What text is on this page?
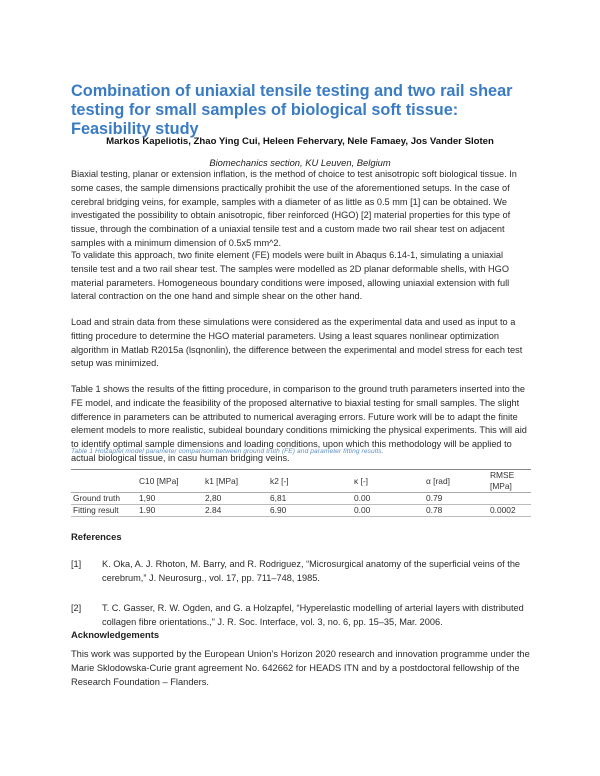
Combination of uniaxial tensile testing and two rail shear testing for small samples of biological soft tissue: Feasibility study

Markos Kapeliotis, Zhao Ying Cui, Heleen Fehervary, Nele Famaey, Jos Vander Sloten

Biomechanics section, KU Leuven, Belgium

Biaxial testing, planar or extension inflation, is the method of choice to test anisotropic soft biological tissue. In some cases, the sample dimensions practically prohibit the use of the aforementioned setups. In the case of cerebral bridging veins, for example, samples with a diameter of as little as 0.5 mm [1] can be obtained. We investigated the possibility to obtain anisotropic, fiber reinforced (HGO) [2] material properties for this type of tissue, through the combination of a uniaxial tensile test and a custom made two rail shear test on adjacent samples with a minimum dimension of 0.5x5 mm^2.

To validate this approach, two finite element (FE) models were built in Abaqus 6.14-1, simulating a uniaxial tensile test and a two rail shear test. The samples were modelled as 2D planar deformable shells, with HGO material parameters. Homogeneous boundary conditions were imposed, allowing uniaxial extension with full lateral contraction on the one hand and simple shear on the other hand.

Load and strain data from these simulations were considered as the experimental data and used as input to a fitting procedure to determine the HGO material parameters. Using a least squares nonlinear optimization algorithm in Matlab R2015a (lsqnonlin), the difference between the experimental and model stress for each test setup was minimized.

Table 1 shows the results of the fitting procedure, in comparison to the ground truth parameters inserted into the FE model, and indicate the feasibility of the proposed alternative to biaxial testing for small samples. The slight difference in parameters can be attributed to numerical averaging errors. Future work will be to adapt the finite element models to more realistic, subideal boundary conditions mimicking the physical experiments. This will aid to identify optimal sample dimensions and loading conditions, upon which this methodology will be applied to actual biological tissue, in casu human bridging veins.

Table 1 Holzapfel model parameter comparison between ground truth (FE) and parameter fitting results.

	C10 [MPa]	k1 [MPa]	k2 [-]	κ [-]	α [rad]	RMSE [MPa]
Ground truth	1,90	2,80	6,81	0.00	0.79	
Fitting result	1.90	2.84	6.90	0.00	0.78	0.0002
References
[1] K. Oka, A. J. Rhoton, M. Barry, and R. Rodriguez, “Microsurgical anatomy of the superficial veins of the cerebrum,” J. Neurosurg., vol. 17, pp. 711–748, 1985.
[2] T. C. Gasser, R. W. Ogden, and G. a Holzapfel, “Hyperelastic modelling of arterial layers with distributed collagen fibre orientations.,” J. R. Soc. Interface, vol. 3, no. 6, pp. 15–35, Mar. 2006.
Acknowledgements

This work was supported by the European Union’s Horizon 2020 research and innovation programme under the Marie Sklodowska-Curie grant agreement No. 642662 for HEADS ITN and by a postdoctoral fellowship of the Research Foundation – Flanders.
